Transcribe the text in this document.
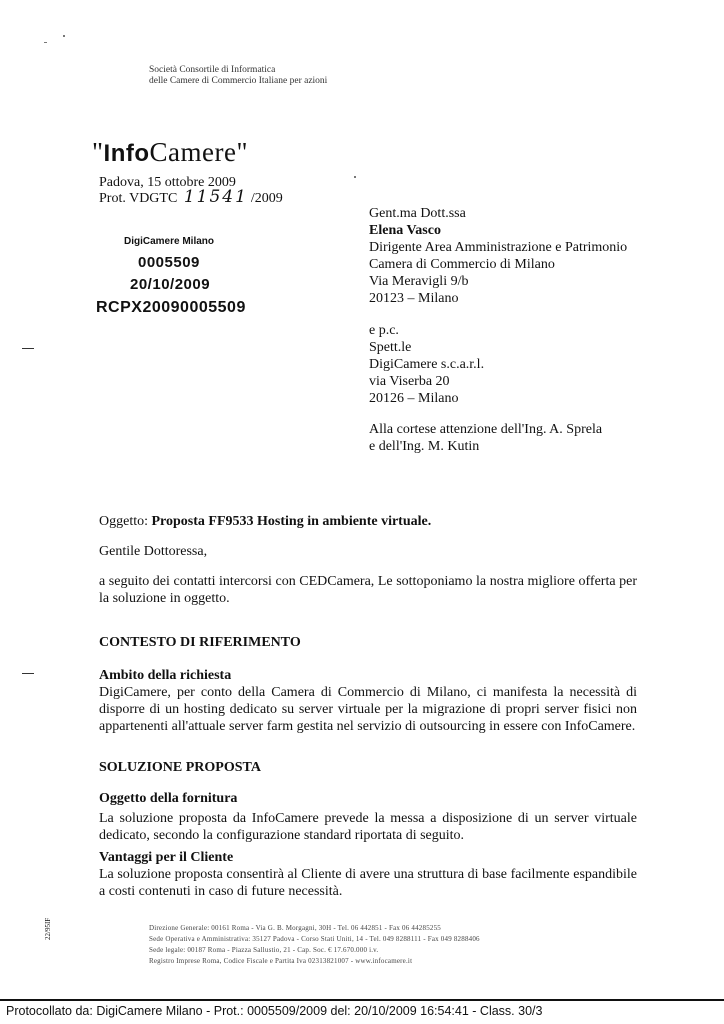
Società Consortile di Informatica
delle Camere di Commercio Italiane per azioni
"InfoCamere"
Padova, 15 ottobre 2009
Prot. VDGTC 11541 /2009
DigiCamere Milano
0005509
20/10/2009
RCPX20090005509
Gent.ma Dott.ssa
Elena Vasco
Dirigente Area Amministrazione e Patrimonio
Camera di Commercio di Milano
Via Meravigli 9/b
20123 – Milano
e p.c.
Spett.le
DigiCamere s.c.a.r.l.
via Viserba 20
20126 – Milano
Alla cortese attenzione dell'Ing. A. Sprela
e dell'Ing. M. Kutin
Oggetto: Proposta FF9533 Hosting in ambiente virtuale.
Gentile Dottoressa,
a seguito dei contatti intercorsi con CEDCamera, Le sottoponiamo la nostra migliore offerta per la soluzione in oggetto.
CONTESTO DI RIFERIMENTO
Ambito della richiesta
DigiCamere, per conto della Camera di Commercio di Milano, ci manifesta la necessità di disporre di un hosting dedicato su server virtuale per la migrazione di propri server fisici non appartenenti all'attuale server farm gestita nel servizio di outsourcing in essere con InfoCamere.
SOLUZIONE PROPOSTA
Oggetto della fornitura
La soluzione proposta da InfoCamere prevede la messa a disposizione di un server virtuale dedicato, secondo la configurazione standard riportata di seguito.
Vantaggi per il Cliente
La soluzione proposta consentirà al Cliente di avere una struttura di base facilmente espandibile a costi contenuti in caso di future necessità.
Direzione Generale: 00161 Roma - Via G. B. Morgagni, 30H - Tel. 06 442851 - Fax 06 44285255
Sede Operativa e Amministrativa: 35127 Padova - Corso Stati Uniti, 14 - Tel. 049 8288111 - Fax 049 8288406
Sede legale: 00187 Roma - Piazza Sallustio, 21 - Cap. Soc. € 17.670.000 i.v.
Registro Imprese Roma, Codice Fiscale e Partita Iva 02313821007 - www.infocamere.it
22/95IF
Protocollato da: DigiCamere Milano - Prot.: 0005509/2009 del: 20/10/2009 16:54:41 - Class. 30/3
